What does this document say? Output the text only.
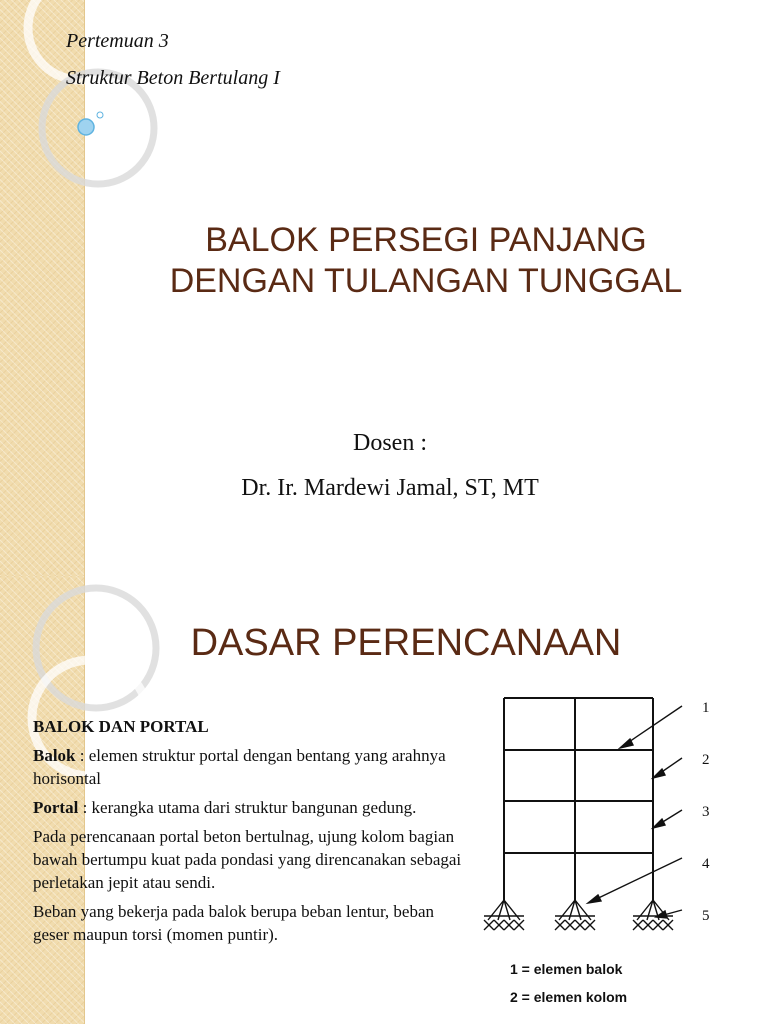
Pertemuan 3
Struktur Beton Bertulang I
BALOK PERSEGI PANJANG
DENGAN TULANGAN TUNGGAL
Dosen :
Dr. Ir. Mardewi Jamal, ST, MT
DASAR PERENCANAAN
BALOK DAN PORTAL

Balok : elemen struktur portal dengan bentang yang arahnya horisontal

Portal : kerangka utama dari struktur bangunan gedung.

Pada perencanaan portal beton bertulnag, ujung kolom bagian bawah bertumpu kuat pada pondasi yang direncanakan sebagai perletakan jepit atau sendi.

Beban yang bekerja pada balok berupa beban lentur, beban geser maupun torsi (momen puntir).

1
2
3
4
5
1 = elemen balok
2 = elemen kolom
